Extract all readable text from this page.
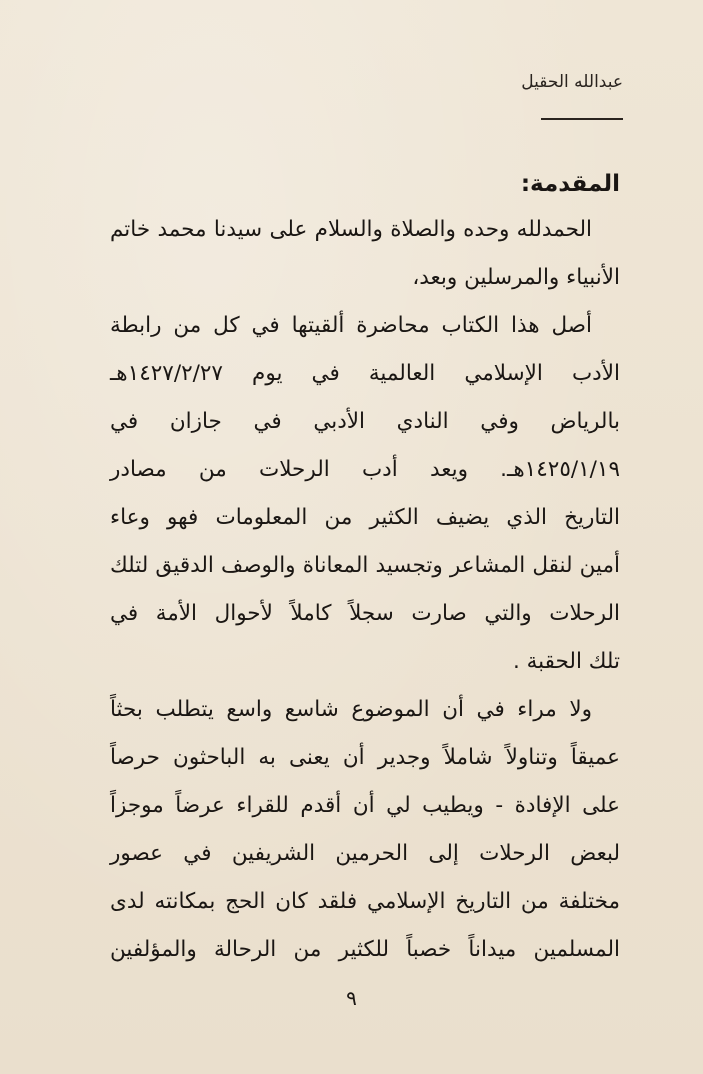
عبدالله الحقيل
المقدمة:
الحمدلله وحده والصلاة والسلام على سيدنا محمد خاتم
الأنبياء والمرسلين وبعد،
أصل هذا الكتاب محاضرة ألقيتها في كل من رابطة
الأدب الإسلامي العالمية في يوم ١٤٢٧/٢/٢٧هـ
بالرياض وفي النادي الأدبي في جازان في
١٤٢٥/١/١٩هـ. ويعد أدب الرحلات من مصادر
التاريخ الذي يضيف الكثير من المعلومات فهو وعاء
أمين لنقل المشاعر وتجسيد المعاناة والوصف الدقيق لتلك
الرحلات والتي صارت سجلاً كاملاً لأحوال الأمة في
تلك الحقبة .
ولا مراء في أن الموضوع شاسع واسع يتطلب بحثاً
عميقاً وتناولاً شاملاً وجدير أن يعنى به الباحثون حرصاً
على الإفادة - ويطيب لي أن أقدم للقراء عرضاً موجزاً
لبعض الرحلات إلى الحرمين الشريفين في عصور
مختلفة من التاريخ الإسلامي فلقد كان الحج بمكانته لدى
المسلمين ميداناً خصباً للكثير من الرحالة والمؤلفين
٩
